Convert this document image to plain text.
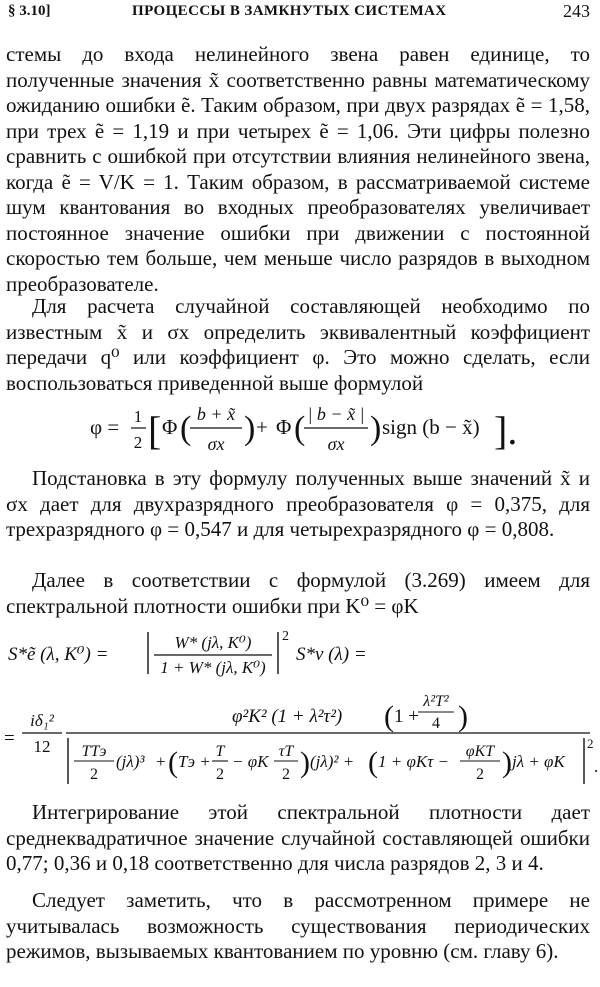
§ 3.10]	ПРОЦЕССЫ В ЗАМКНУТЫХ СИСТЕМАХ	243

стемы до входа нелинейного звена равен единице, то полученные значения x̃ соответственно равны математическому ожиданию ошибки ẽ. Таким образом, при двух разрядах ẽ = 1,58, при трех ẽ = 1,19 и при четырех ẽ = 1,06. Эти цифры полезно сравнить с ошибкой при отсутствии влияния нелинейного звена, когда ẽ = V/K = 1. Таким образом, в рассматриваемой системе шум квантования во входных преобразователях увеличивает постоянное значение ошибки при движении с постоянной скоростью тем больше, чем меньше число разрядов в выходном преобразователе.

Для расчета случайной составляющей необходимо по известным x̃ и σx определить эквивалентный коэффициент передачи q⁰ или коэффициент φ. Это можно сделать, если воспользоваться приведенной выше формулой

φ = 1
2 [ Φ ( b + x̃
σx ) + Φ ( | b − x̃ |
σx ) sign (b − x̃) ].

Подстановка в эту формулу полученных выше значений x̃ и σx дает для двухразрядного преобразователя φ = 0,375, для трехразрядного φ = 0,547 и для четырехразрядного φ = 0,808.

Далее в соответствии с формулой (3.269) имеем для спектральной плотности ошибки при K⁰ = φK

S*ẽ (λ, K⁰) =
W* (jλ, K⁰)
1 + W* (jλ, K⁰)
2
S*v (λ) =
=
iδ₁²
12
φ²K² (1 + λ²τ²) ( 1 +
λ²T²
4 )
TTэ
2
(jλ)³ + ( Tэ +
T
2
− φK
τT
2 ) (jλ)² + ( 1 + φKτ −
φKT
2 ) jλ + φK
2
.

Интегрирование этой спектральной плотности дает среднеквадратичное значение случайной составляющей ошибки 0,77; 0,36 и 0,18 соответственно для числа разрядов 2, 3 и 4.

Следует заметить, что в рассмотренном примере не учитывалась возможность существования периодических режимов, вызываемых квантованием по уровню (см. главу 6).
